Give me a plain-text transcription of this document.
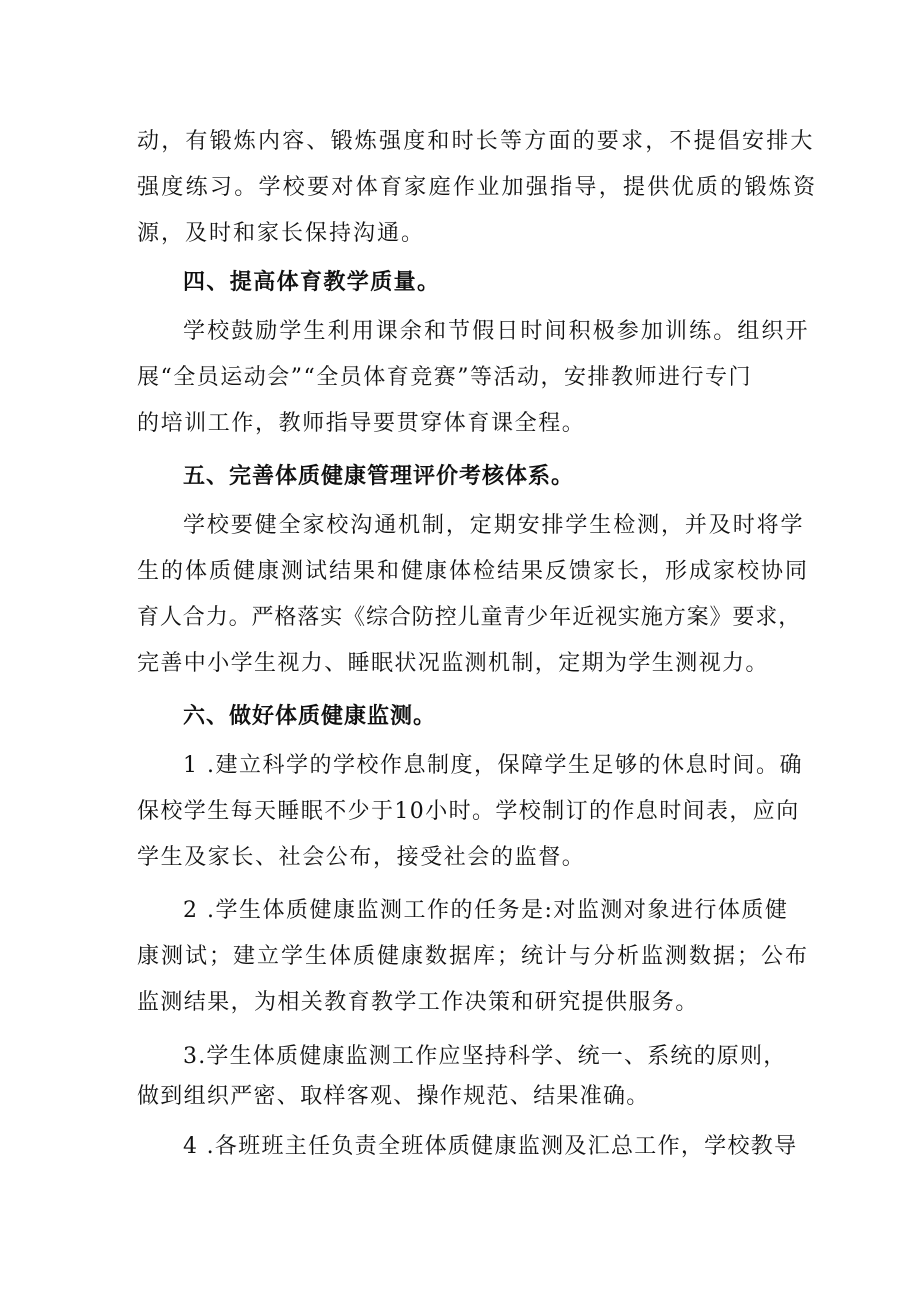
动，有锻炼内容、锻炼强度和时长等方面的要求，不提倡安排大
强度练习。学校要对体育家庭作业加强指导，提供优质的锻炼资
源，及时和家长保持沟通。
四、提高体育教学质量。
学校鼓励学生利用课余和节假日时间积极参加训练。组织开
展“全员运动会”“全员体育竞赛”等活动，安排教师进行专门
的培训工作，教师指导要贯穿体育课全程。
五、完善体质健康管理评价考核体系。
学校要健全家校沟通机制，定期安排学生检测，并及时将学
生的体质健康测试结果和健康体检结果反馈家长，形成家校协同
育人合力。严格落实《综合防控儿童青少年近视实施方案》要求，
完善中小学生视力、睡眠状况监测机制，定期为学生测视力。
六、做好体质健康监测。
1 .建立科学的学校作息制度，保障学生足够的休息时间。确
保校学生每天睡眠不少于10小时。学校制订的作息时间表，应向
学生及家长、社会公布，接受社会的监督。
2 .学生体质健康监测工作的任务是:对监测对象进行体质健
康测试；建立学生体质健康数据库；统计与分析监测数据；公布
监测结果，为相关教育教学工作决策和研究提供服务。
3.学生体质健康监测工作应坚持科学、统一、系统的原则，
做到组织严密、取样客观、操作规范、结果准确。
4 .各班班主任负责全班体质健康监测及汇总工作，学校教导
